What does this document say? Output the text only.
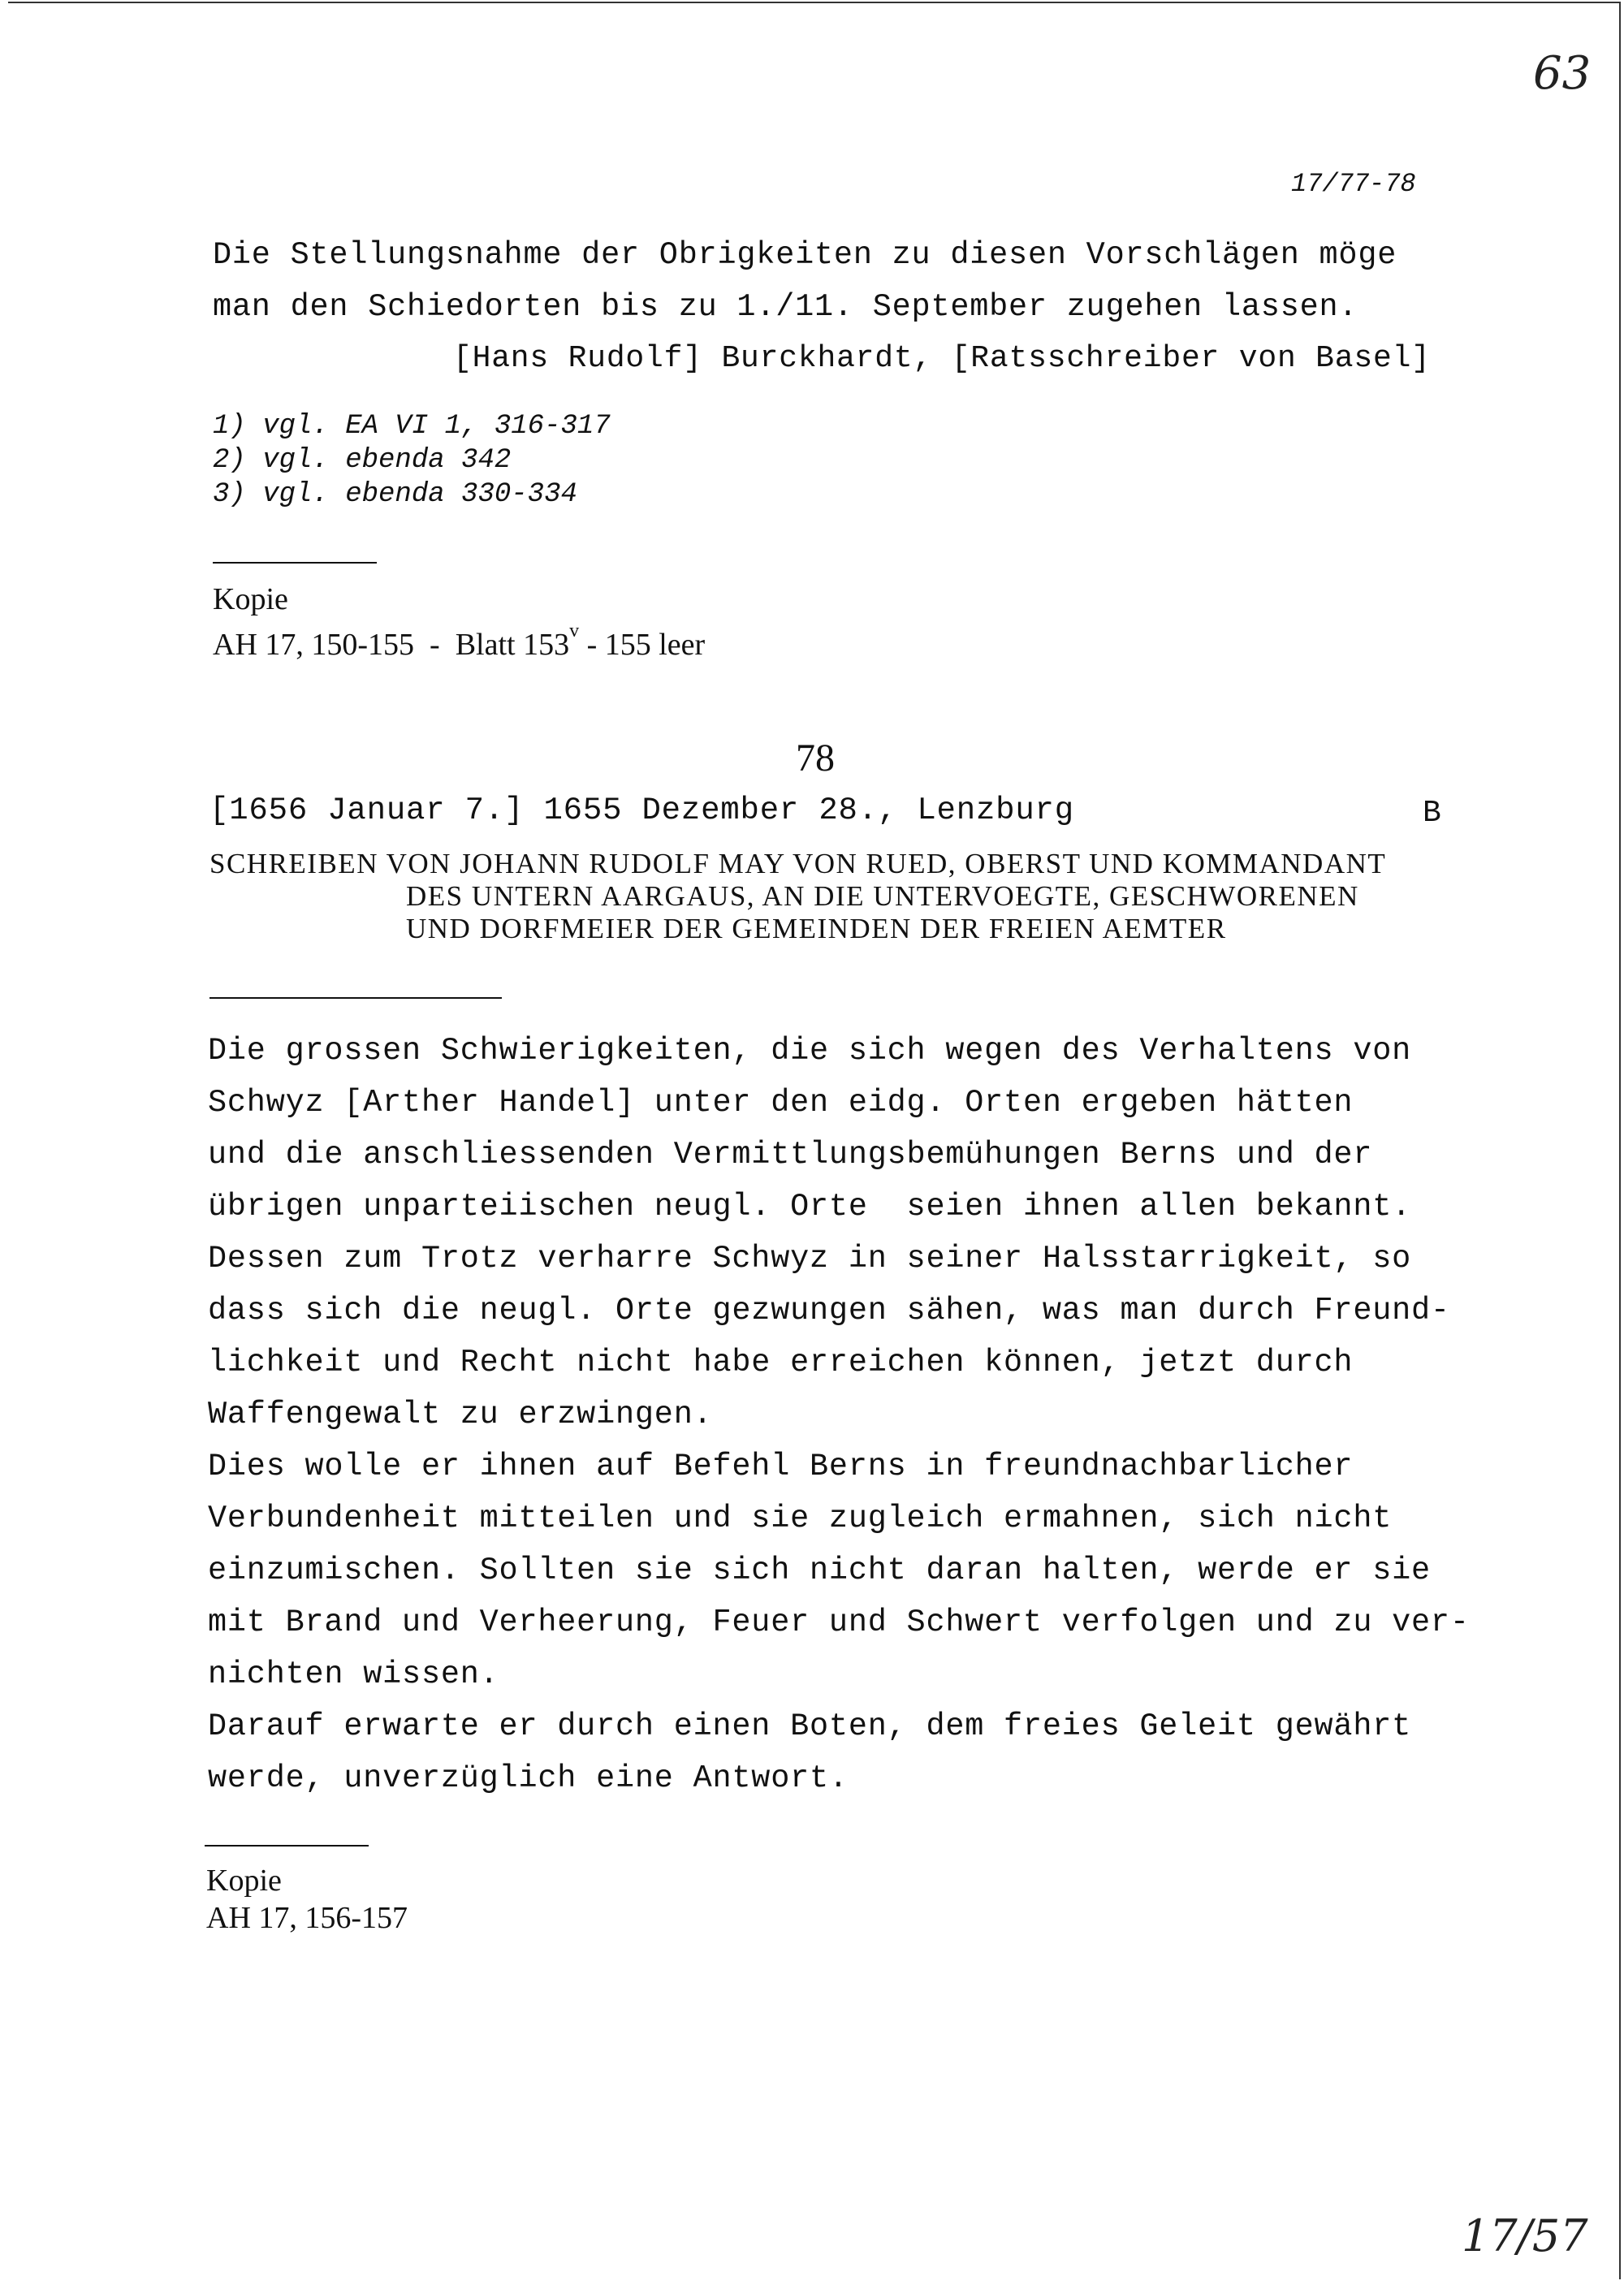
63
17/77-78
Die Stellungsnahme der Obrigkeiten zu diesen Vorschlägen möge
man den Schiedorten bis zu 1./11. September zugehen lassen.
[Hans Rudolf] Burckhardt, [Ratsschreiber von Basel]
1) vgl. EA VI 1, 316-317
2) vgl. ebenda 342
3) vgl. ebenda 330-334
Kopie
AH 17, 150-155  -  Blatt 153$^v$ - 155 leer
78
[1656 Januar 7.] 1655 Dezember 28., Lenzburg	B
SCHREIBEN VON JOHANN RUDOLF MAY VON RUED, OBERST UND KOMMANDANT
DES UNTERN AARGAUS, AN DIE UNTERVOEGTE, GESCHWORENEN
UND DORFMEIER DER GEMEINDEN DER FREIEN AEMTER
Die grossen Schwierigkeiten, die sich wegen des Verhaltens von
Schwyz [Arther Handel] unter den eidg. Orten ergeben hätten
und die anschliessenden Vermittlungsbemühungen Berns und der
übrigen unparteiischen neugl. Orte  seien ihnen allen bekannt.
Dessen zum Trotz verharre Schwyz in seiner Halsstarrigkeit, so
dass sich die neugl. Orte gezwungen sähen, was man durch Freund-
lichkeit und Recht nicht habe erreichen können, jetzt durch
Waffengewalt zu erzwingen.
Dies wolle er ihnen auf Befehl Berns in freundnachbarlicher
Verbundenheit mitteilen und sie zugleich ermahnen, sich nicht
einzumischen. Sollten sie sich nicht daran halten, werde er sie
mit Brand und Verheerung, Feuer und Schwert verfolgen und zu ver-
nichten wissen.
Darauf erwarte er durch einen Boten, dem freies Geleit gewährt
werde, unverzüglich eine Antwort.
Kopie
AH 17, 156-157
17/57
